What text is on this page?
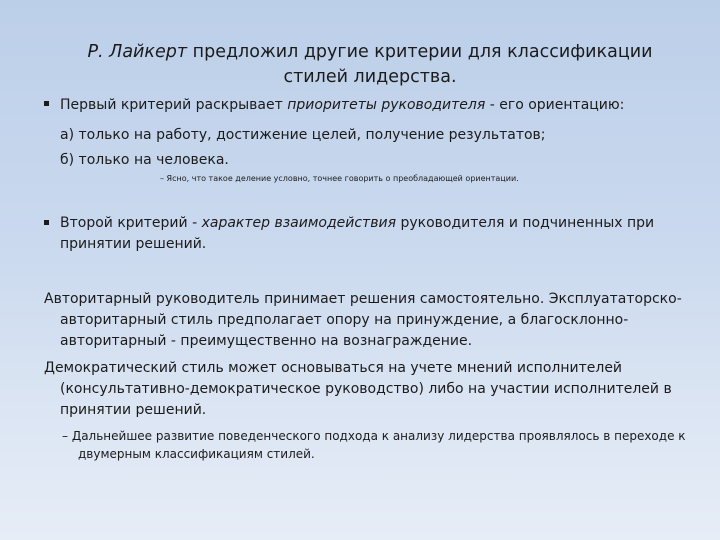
Р. Лайкерт предложил другие критерии для классификации стилей лидерства.
Первый критерий раскрывает приоритеты руководителя - его ориентацию:
а) только на работу, достижение целей, получение результатов;
б) только на человека.
– Ясно, что такое деление условно, точнее говорить о преобладающей ориентации.
Второй критерий - характер взаимодействия руководителя и подчиненных при принятии решений.
Авторитарный руководитель принимает решения самостоятельно. Эксплуататорско-авторитарный стиль предполагает опору на принуждение, а благосклонно-авторитарный - преимущественно на вознаграждение.
Демократический стиль может основываться на учете мнений исполнителей (консультативно-демократическое руководство) либо на участии исполнителей в принятии решений.
– Дальнейшее развитие поведенческого подхода к анализу лидерства проявлялось в переходе к двумерным классификациям стилей.
